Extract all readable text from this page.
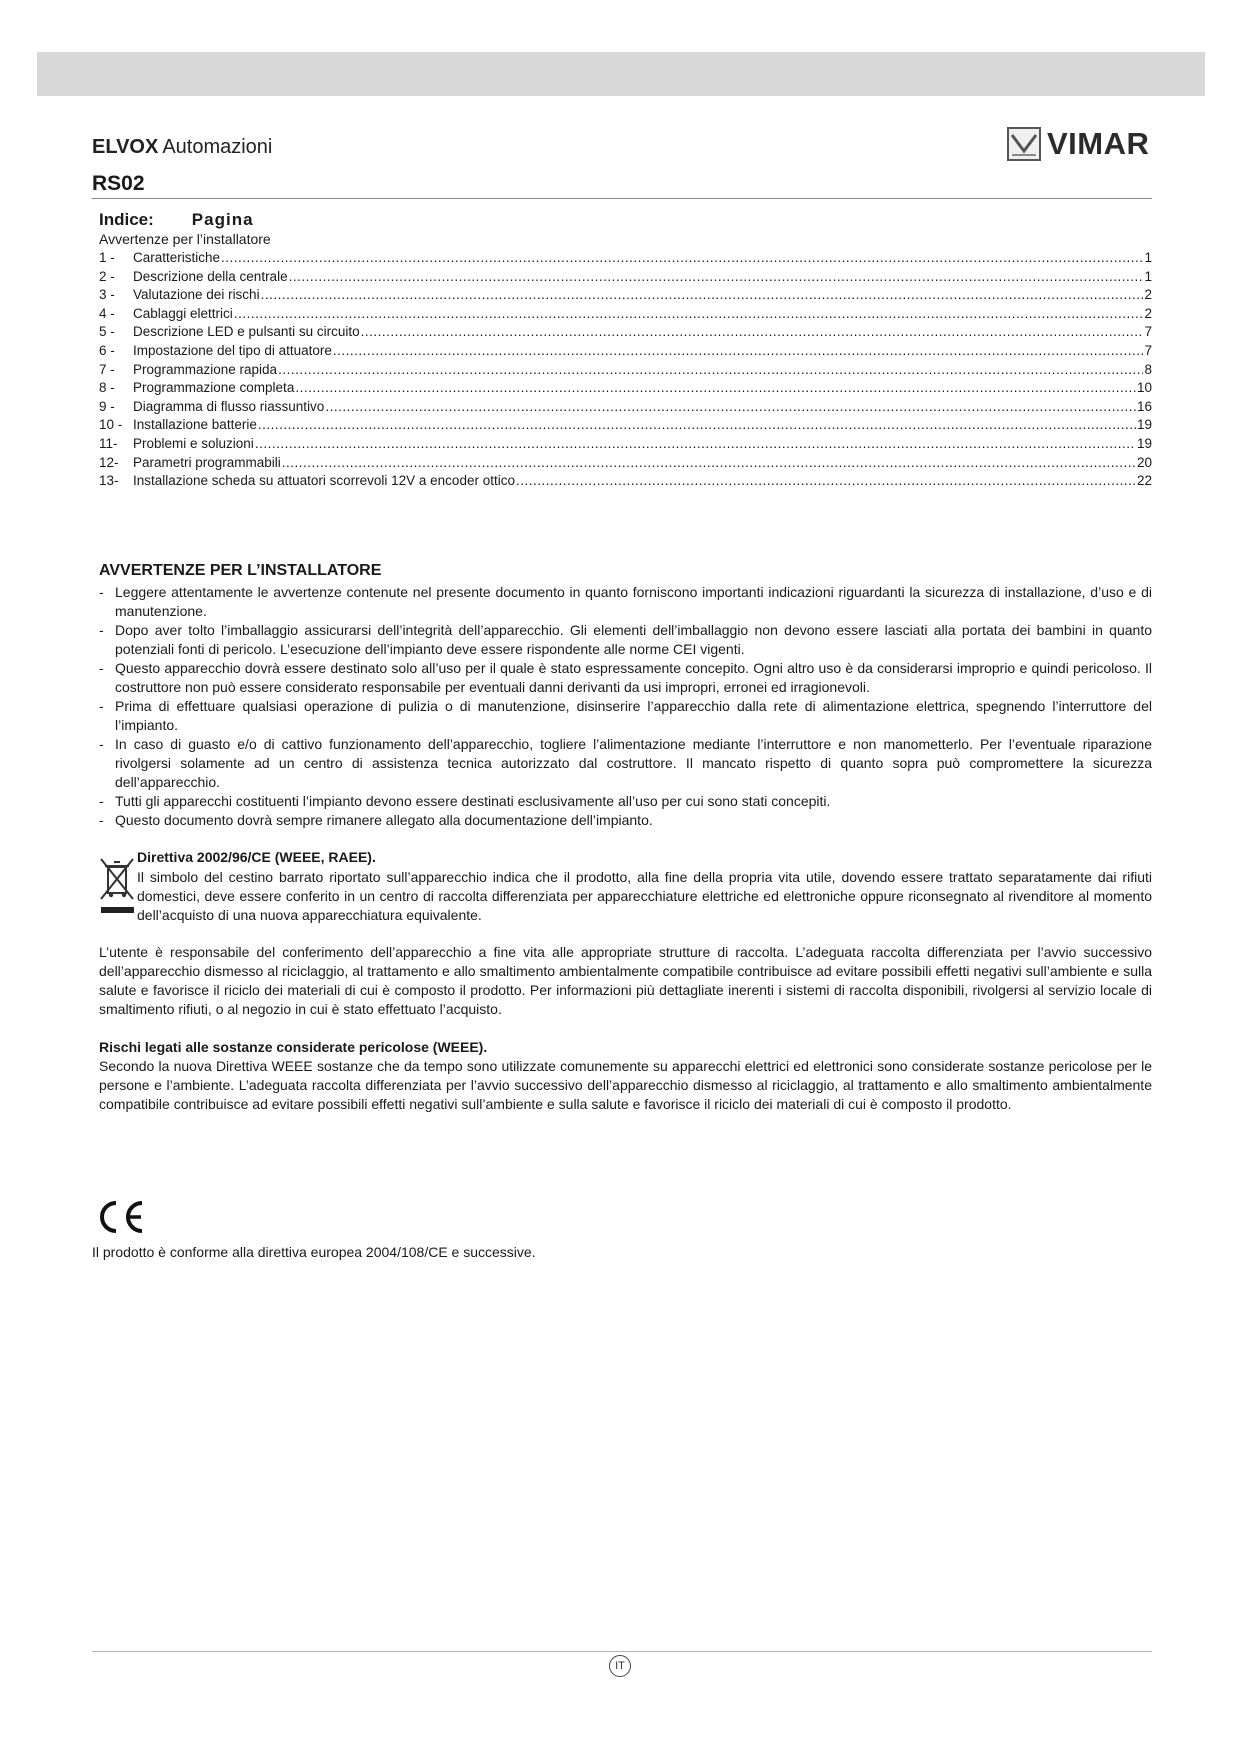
ELVOX Automazioni	VIMAR
RS02
Indice: Pagina
Avvertenze per l’installatore
1 -	Caratteristiche .....	1
2 -	Descrizione della centrale .....	1
3 -	Valutazione dei rischi .....	2
4 -	Cablaggi elettrici .....	2
5 -	Descrizione LED e pulsanti su circuito .....	7
6 -	Impostazione del tipo di attuatore .....	7
7 -	Programmazione rapida .....	8
8 -	Programmazione completa .....	10
9 -	Diagramma di flusso riassuntivo .....	16
10 - Installazione batterie .....	19
11-	Problemi e soluzioni .....	19
12-	Parametri programmabili .....	20
13-	Installazione scheda su attuatori scorrevoli 12V a encoder ottico .....	22
AVVERTENZE PER L’INSTALLATORE
- Leggere attentamente le avvertenze contenute nel presente documento in quanto forniscono importanti indicazioni riguardanti la sicurezza di installazione, d’uso e di manutenzione.
- Dopo aver tolto l’imballaggio assicurarsi dell’integrità dell’apparecchio. Gli elementi dell’imballaggio non devono essere lasciati alla portata dei bambini in quanto potenziali fonti di pericolo. L’esecuzione dell’impianto deve essere rispondente alle norme CEI vigenti.
- Questo apparecchio dovrà essere destinato solo all’uso per il quale è stato espressamente concepito. Ogni altro uso è da considerarsi improprio e quindi pericoloso. Il costruttore non può essere considerato responsabile per eventuali danni derivanti da usi impropri, erronei ed irragionevoli.
- Prima di effettuare qualsiasi operazione di pulizia o di manutenzione, disinserire l’apparecchio dalla rete di alimentazione elettrica, spegnendo l’interruttore del l’impianto.
- In caso di guasto e/o di cattivo funzionamento dell’apparecchio, togliere l’alimentazione mediante l’interruttore e non manometterlo. Per l’eventuale riparazione rivolgersi solamente ad un centro di assistenza tecnica autorizzato dal costruttore. Il mancato rispetto di quanto sopra può compromettere la sicurezza dell’apparecchio.
- Tutti gli apparecchi costituenti l’impianto devono essere destinati esclusivamente all’uso per cui sono stati concepiti.
- Questo documento dovrà sempre rimanere allegato alla documentazione dell’impianto.
Direttiva 2002/96/CE (WEEE, RAEE).
Il simbolo del cestino barrato riportato sull’apparecchio indica che il prodotto, alla fine della propria vita utile, dovendo essere trattato separatamente dai rifiuti domestici, deve essere conferito in un centro di raccolta differenziata per apparecchiature elettriche ed elettroniche oppure riconsegnato al rivenditore al momento dell’acquisto di una nuova apparecchiatura equivalente.

L’utente è responsabile del conferimento dell’apparecchio a fine vita alle appropriate strutture di raccolta. L’adeguata raccolta differenziata per l’avvio successivo dell’apparecchio dismesso al riciclaggio, al trattamento e allo smaltimento ambientalmente compatibile contribuisce ad evitare possibili effetti negativi sull’ambiente e sulla salute e favorisce il riciclo dei materiali di cui è composto il prodotto. Per informazioni più dettagliate inerenti i sistemi di raccolta disponibili, rivolgersi al servizio locale di smaltimento rifiuti, o al negozio in cui è stato effettuato l’acquisto.

Rischi legati alle sostanze considerate pericolose (WEEE).

Secondo la nuova Direttiva WEEE sostanze che da tempo sono utilizzate comunemente su apparecchi elettrici ed elettronici sono considerate sostanze pericolose per le persone e l’ambiente. L’adeguata raccolta differenziata per l’avvio successivo dell’apparecchio dismesso al riciclaggio, al trattamento e allo smaltimento ambientalmente compatibile contribuisce ad evitare possibili effetti negativi sull’ambiente e sulla salute e favorisce il riciclo dei materiali di cui è composto il prodotto.

Il prodotto è conforme alla direttiva europea 2004/108/CE e successive.
IT
